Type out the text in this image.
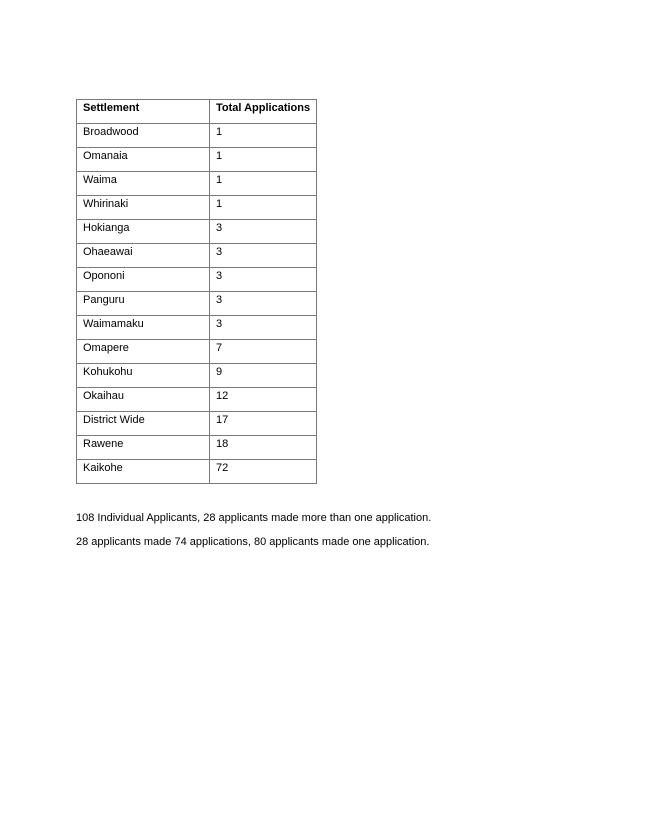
Settlement	Total Applications
Broadwood	1
Omanaia	1
Waima	1
Whirinaki	1
Hokianga	3
Ohaeawai	3
Opononi	3
Panguru	3
Waimamaku	3
Omapere	7
Kohukohu	9
Okaihau	12
District Wide	17
Rawene	18
Kaikohe	72

108 Individual Applicants, 28 applicants made more than one application.

28 applicants made 74 applications, 80 applicants made one application.
